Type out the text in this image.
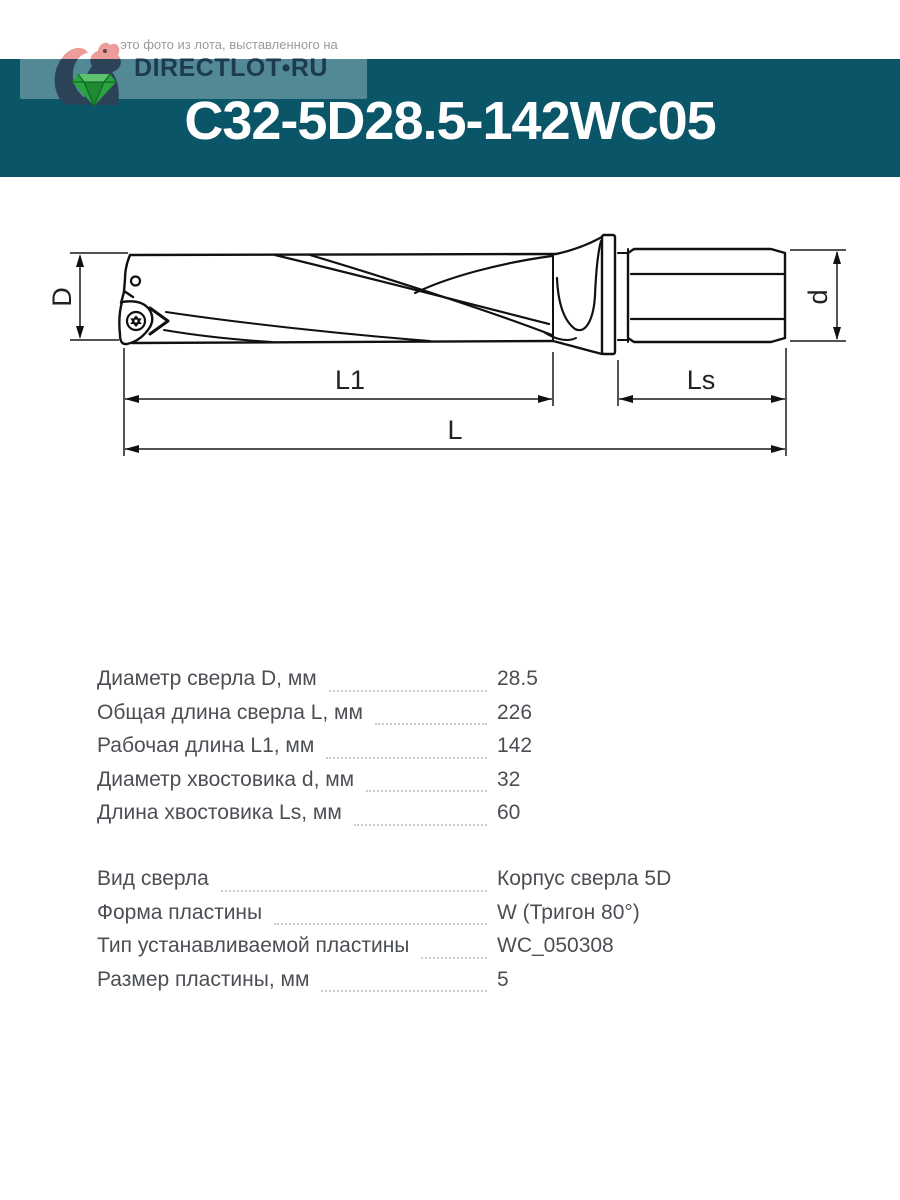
C32-5D28.5-142WC05
это фото из лота, выставленного на
DIRECTLOT•RU
D	d
L1	Ls
L
Диаметр сверла D, мм	28.5
Общая длина сверла L, мм	226
Рабочая длина L1, мм	142
Диаметр хвостовика d, мм	32
Длина хвостовика Ls, мм	60
Вид сверла	Корпус сверла 5D
Форма пластины	W (Тригон 80°)
Тип устанавливаемой пластины	WC_050308
Размер пластины, мм	5
